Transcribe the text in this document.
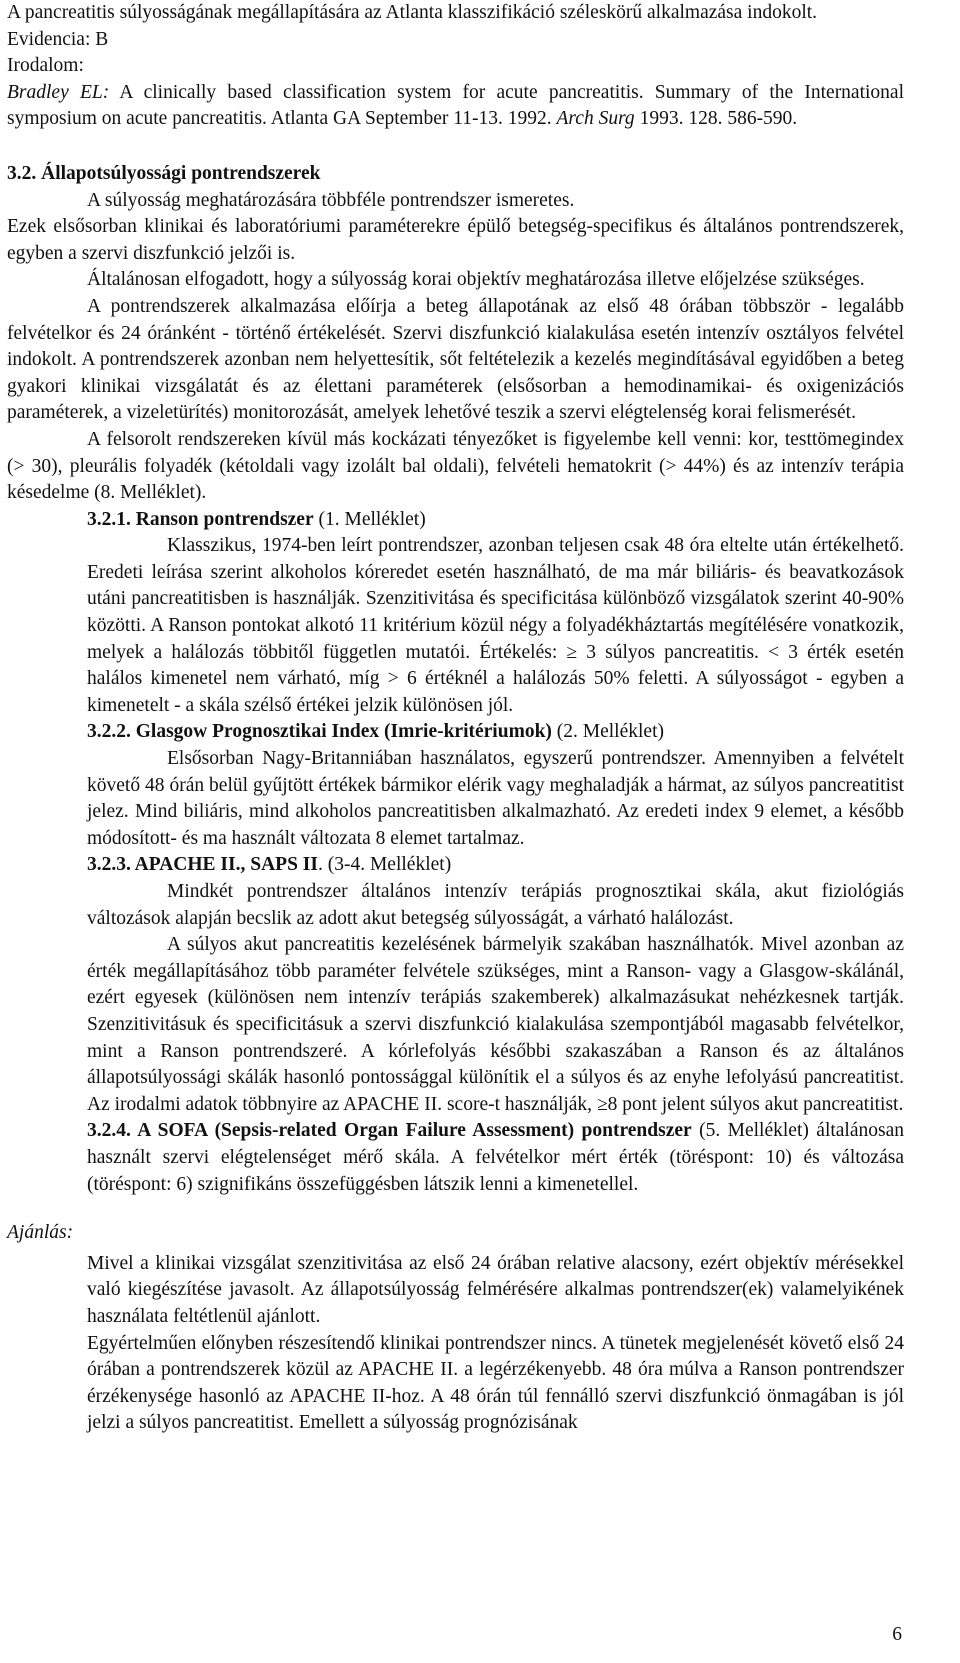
A pancreatitis súlyosságának megállapítására az Atlanta klasszifikáció széleskörű alkalmazása indokolt.

Evidencia: B

Irodalom:

Bradley EL: A clinically based classification system for acute pancreatitis. Summary of the International symposium on acute pancreatitis. Atlanta GA September 11-13. 1992. Arch Surg 1993. 128. 586-590.

3.2. Állapotsúlyossági pontrendszerek

A súlyosság meghatározására többféle pontrendszer ismeretes.
Ezek elsősorban klinikai és laboratóriumi paraméterekre épülő betegség-specifikus és általános pontrendszerek, egyben a szervi diszfunkció jelzői is.

Általánosan elfogadott, hogy a súlyosság korai objektív meghatározása illetve előjelzése szükséges.

A pontrendszerek alkalmazása előírja a beteg állapotának az első 48 órában többször - legalább felvételkor és 24 óránként - történő értékelését. Szervi diszfunkció kialakulása esetén intenzív osztályos felvétel indokolt. A pontrendszerek azonban nem helyettesítik, sőt feltételezik a kezelés megindításával egyidőben a beteg gyakori klinikai vizsgálatát és az élettani paraméterek (elsősorban a hemodinamikai- és oxigenizációs paraméterek, a vizeletürítés) monitorozását, amelyek lehetővé teszik a szervi elégtelenség korai felismerését.

A felsorolt rendszereken kívül más kockázati tényezőket is figyelembe kell venni: kor, testtömegindex (> 30), pleurális folyadék (kétoldali vagy izolált bal oldali), felvételi hematokrit (> 44%) és az intenzív terápia késedelme (8. Melléklet).

3.2.1. Ranson pontrendszer (1. Melléklet)

Klasszikus, 1974-ben leírt pontrendszer, azonban teljesen csak 48 óra eltelte után értékelhető. Eredeti leírása szerint alkoholos kóreredet esetén használható, de ma már biliáris- és beavatkozások utáni pancreatitisben is használják. Szenzitivitása és specificitása különböző vizsgálatok szerint 40-90% közötti. A Ranson pontokat alkotó 11 kritérium közül négy a folyadékháztartás megítélésére vonatkozik, melyek a halálozás többitől független mutatói. Értékelés: ≥ 3 súlyos pancreatitis. < 3 érték esetén halálos kimenetel nem várható, míg > 6 értéknél a halálozás 50% feletti. A súlyosságot - egyben a kimenetelt - a skála szélső értékei jelzik különösen jól.

3.2.2. Glasgow Prognosztikai Index (Imrie-kritériumok) (2. Melléklet)

Elsősorban Nagy-Britanniában használatos, egyszerű pontrendszer. Amennyiben a felvételt követő 48 órán belül gyűjtött értékek bármikor elérik vagy meghaladják a hármat, az súlyos pancreatitist jelez. Mind biliáris, mind alkoholos pancreatitisben alkalmazható. Az eredeti index 9 elemet, a később módosított- és ma használt változata 8 elemet tartalmaz.

3.2.3. APACHE II., SAPS II. (3-4. Melléklet)

Mindkét pontrendszer általános intenzív terápiás prognosztikai skála, akut fiziológiás változások alapján becslik az adott akut betegség súlyosságát, a várható halálozást.

A súlyos akut pancreatitis kezelésének bármelyik szakában használhatók. Mivel azonban az érték megállapításához több paraméter felvétele szükséges, mint a Ranson- vagy a Glasgow-skálánál, ezért egyesek (különösen nem intenzív terápiás szakemberek) alkalmazásukat nehézkesnek tartják. Szenzitivitásuk és specificitásuk a szervi diszfunkció kialakulása szempontjából magasabb felvételkor, mint a Ranson pontrendszeré. A kórlefolyás későbbi szakaszában a Ranson és az általános állapotsúlyossági skálák hasonló pontossággal különítik el a súlyos és az enyhe lefolyású pancreatitist. Az irodalmi adatok többnyire az APACHE II. score-t használják, ≥8 pont jelent súlyos akut pancreatitist.

3.2.4. A SOFA (Sepsis-related Organ Failure Assessment) pontrendszer (5. Melléklet) általánosan használt szervi elégtelenséget mérő skála. A felvételkor mért érték (töréspont: 10) és változása (töréspont: 6) szignifikáns összefüggésben látszik lenni a kimenetellel.

Ajánlás:

Mivel a klinikai vizsgálat szenzitivitása az első 24 órában relative alacsony, ezért objektív mérésekkel való kiegészítése javasolt. Az állapotsúlyosság felmérésére alkalmas pontrendszer(ek) valamelyikének használata feltétlenül ajánlott.

Egyértelműen előnyben részesítendő klinikai pontrendszer nincs. A tünetek megjelenését követő első 24 órában a pontrendszerek közül az APACHE II. a legérzékenyebb. 48 óra múlva a Ranson pontrendszer érzékenysége hasonló az APACHE II-hoz. A 48 órán túl fennálló szervi diszfunkció önmagában is jól jelzi a súlyos pancreatitist. Emellett a súlyosság prognózisának

6
